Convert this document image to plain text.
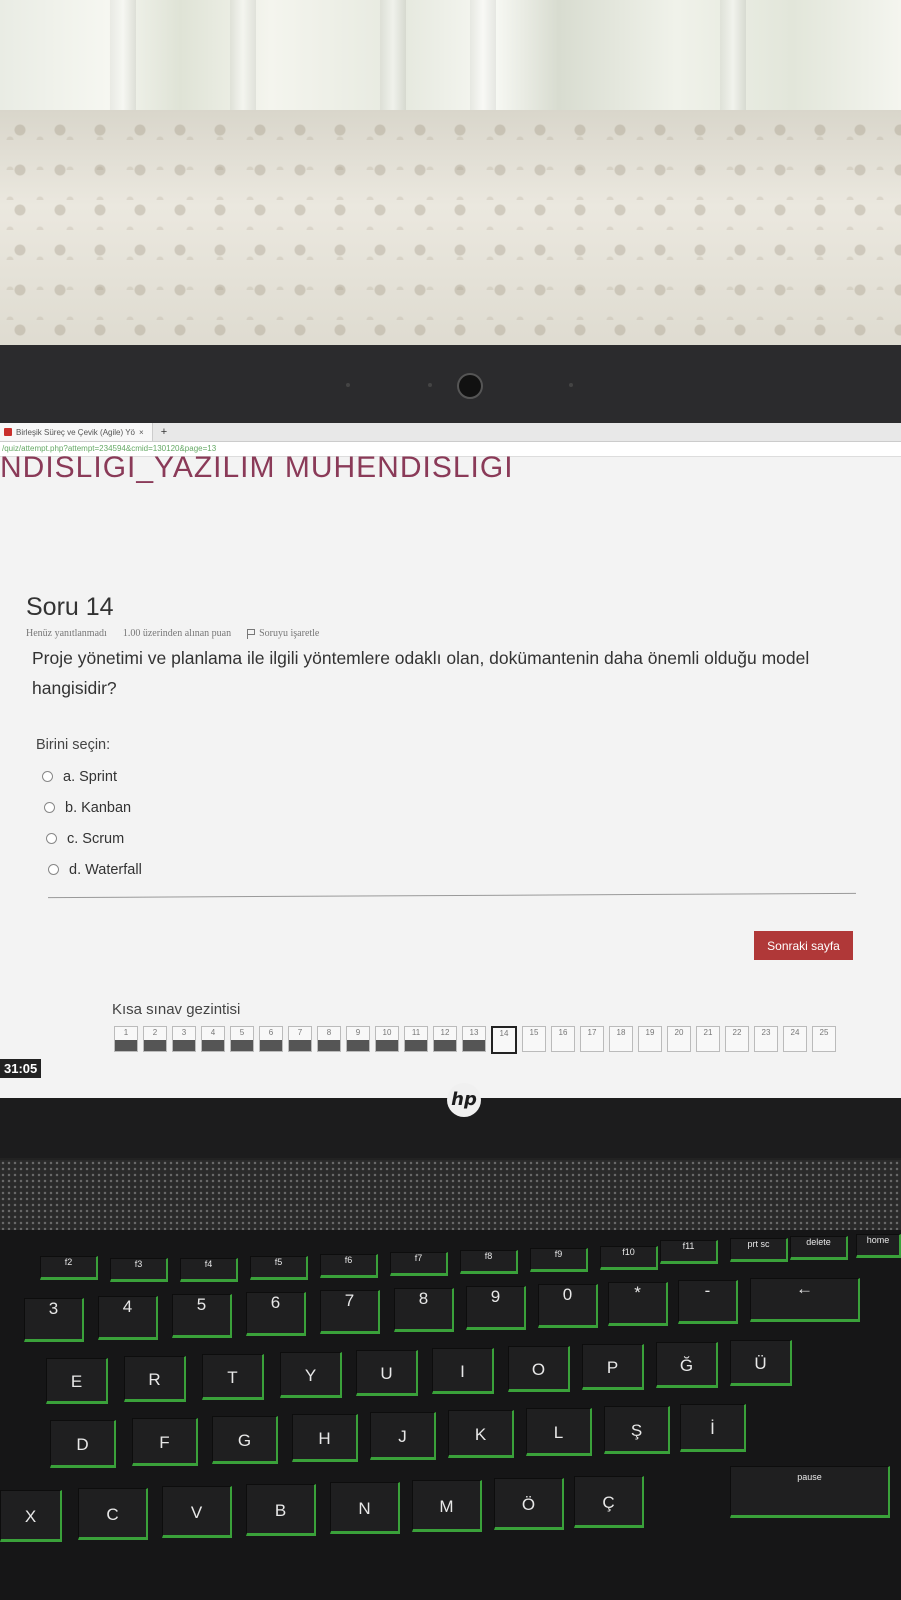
Birleşik Süreç ve Çevik (Agile) Yö ×	+
/quiz/attempt.php?attempt=234594&cmid=130120&page=13
NDISLIGI_YAZILIM MUHENDISLIGI
Soru 14
Henüz yanıtlanmadı 1.00 üzerinden alınan puan	Soruyu işaretle
Proje yönetimi ve planlama ile ilgili yöntemlere odaklı olan, dokümantenin daha önemli olduğu model hangisidir?
Birini seçin:
a. Sprint
b. Kanban
c. Scrum
d. Waterfall
Sonraki sayfa
Kısa sınav gezintisi
1	2	3	4	5	6	7	8	9	10	11	12	13	14	15	16	17	18	19	20	21	22	23	24	25
31:05
hp
f2	f3	f4	f5	f6	f7	f8	f9	f10
f11	prt sc	delete	home
3	4	5	6	7	8	9	0	*	-	←
E	R	T	Y	U	I	O	P	Ğ	Ü
D	F	G	H	J	K	L	Ş	İ
X	C	V	B	N	M	Ö	Ç
pause
